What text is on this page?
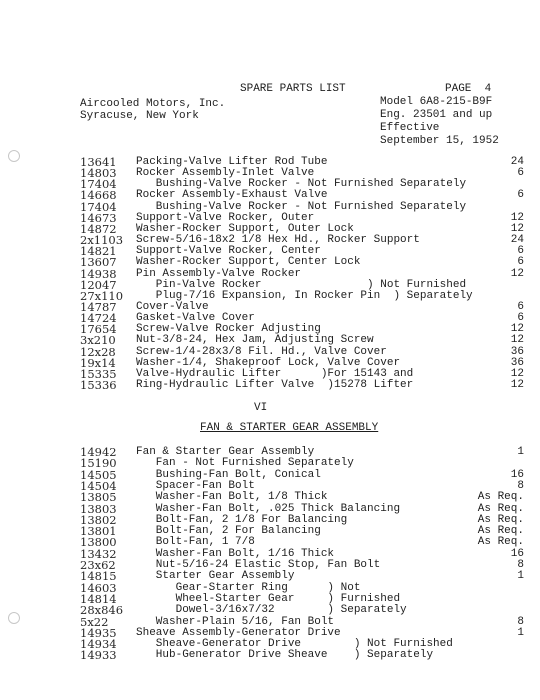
SPARE PARTS LIST	PAGE  4
Aircooled Motors, Inc.
Syracuse, New York
Model 6A8-215-B9F
Eng. 23501 and up
Effective
September 15, 1952
13641 Packing-Valve Lifter Rod Tube	24
14803 Rocker Assembly-Inlet Valve	6
17404 Bushing-Valve Rocker - Not Furnished Separately
14668 Rocker Assembly-Exhaust Valve	6
17404 Bushing-Valve Rocker - Not Furnished Separately
14673 Support-Valve Rocker, Outer	12
14872 Washer-Rocker Support, Outer Lock	12
2x1103 Screw-5/16-18x2 1/8 Hex Hd., Rocker Support	24
14821 Support-Valve Rocker, Center	6
13607 Washer-Rocker Support, Center Lock	6
14938 Pin Assembly-Valve Rocker	12
12047 Pin-Valve Rocker                ) Not Furnished
27x110 Plug-7/16 Expansion, In Rocker Pin  ) Separately
14787 Cover-Valve	6
14724 Gasket-Valve Cover	6
17654 Screw-Valve Rocker Adjusting	12
3x210 Nut-3/8-24, Hex Jam, Adjusting Screw	12
12x28 Screw-1/4-28x3/8 Fil. Hd., Valve Cover	36
19x14 Washer-1/4, Shakeproof Lock, Valve Cover	36
15335 Valve-Hydraulic Lifter      )For 15143 and	12
15336 Ring-Hydraulic Lifter Valve  )15278 Lifter	12
VI
FAN & STARTER GEAR ASSEMBLY
14942 Fan & Starter Gear Assembly	1
15190 Fan - Not Furnished Separately
14505 Bushing-Fan Bolt, Conical	16
14504 Spacer-Fan Bolt	8
13805 Washer-Fan Bolt, 1/8 Thick	As Req.
13803 Washer-Fan Bolt, .025 Thick Balancing	As Req.
13802 Bolt-Fan, 2 1/8 For Balancing	As Req.
13801 Bolt-Fan, 2 For Balancing	As Req.
13800 Bolt-Fan, 1 7/8	As Req.
13432 Washer-Fan Bolt, 1/16 Thick	16
23x62 Nut-5/16-24 Elastic Stop, Fan Bolt	8
14815 Starter Gear Assembly	1
14603 Gear-Starter Ring      ) Not
14814 Wheel-Starter Gear     ) Furnished
28x846 Dowel-3/16x7/32        ) Separately
5x22	Washer-Plain 5/16, Fan Bolt	8
14935 Sheave Assembly-Generator Drive	1
14934 Sheave-Generator Drive        ) Not Furnished
14933 Hub-Generator Drive Sheave    ) Separately
